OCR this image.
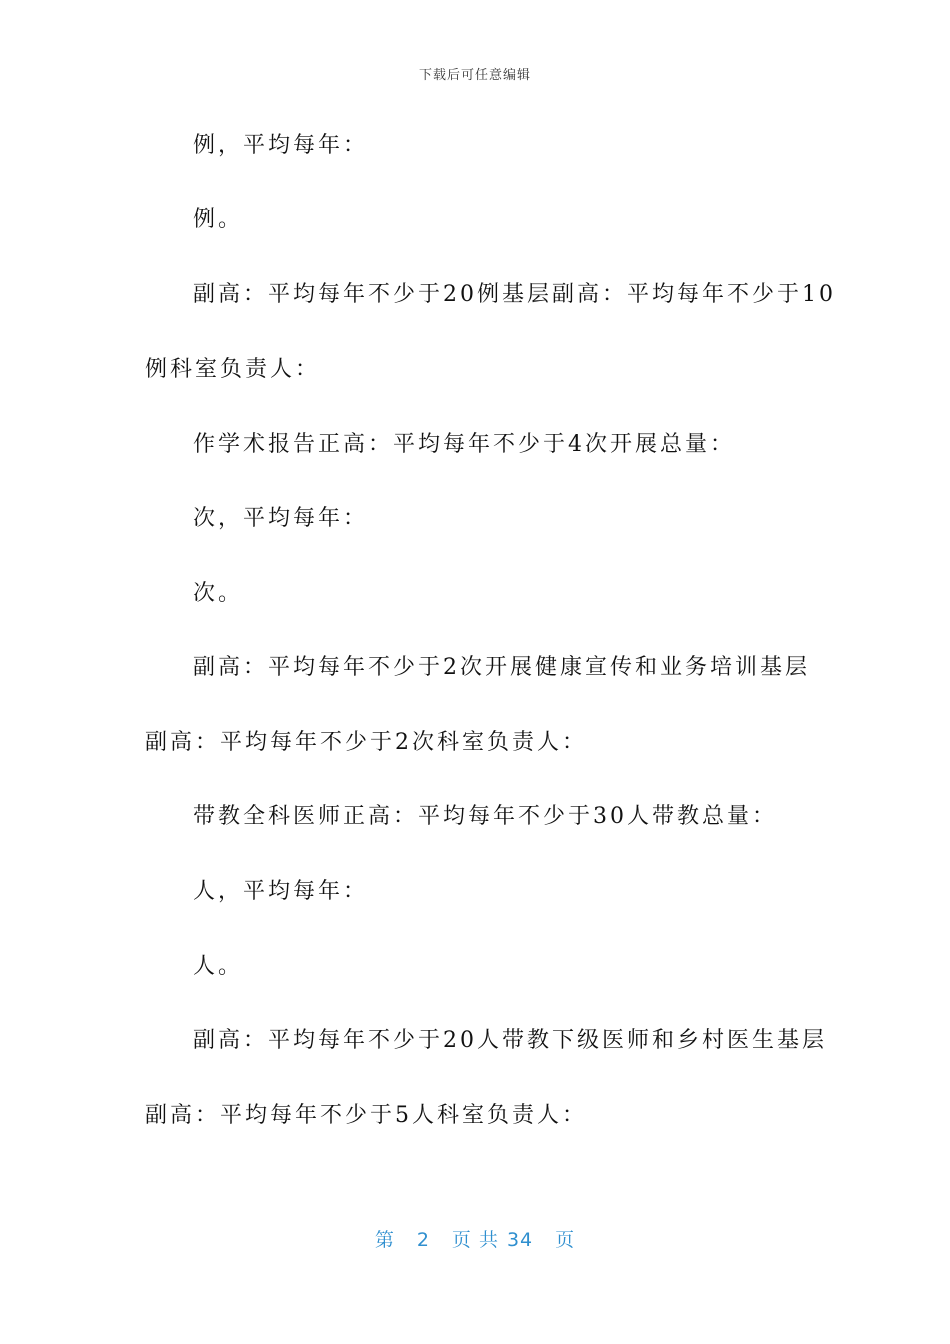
下载后可任意编辑
例，平均每年：
例。
副高：平均每年不少于20例基层副高：平均每年不少于10
例科室负责人：
作学术报告正高：平均每年不少于4次开展总量：
次，平均每年：
次。
副高：平均每年不少于2次开展健康宣传和业务培训基层
副高：平均每年不少于2次科室负责人：
带教全科医师正高：平均每年不少于30人带教总量：
人，平均每年：
人。
副高：平均每年不少于20人带教下级医师和乡村医生基层
副高：平均每年不少于5人科室负责人：
第 2 页 共 34 页
